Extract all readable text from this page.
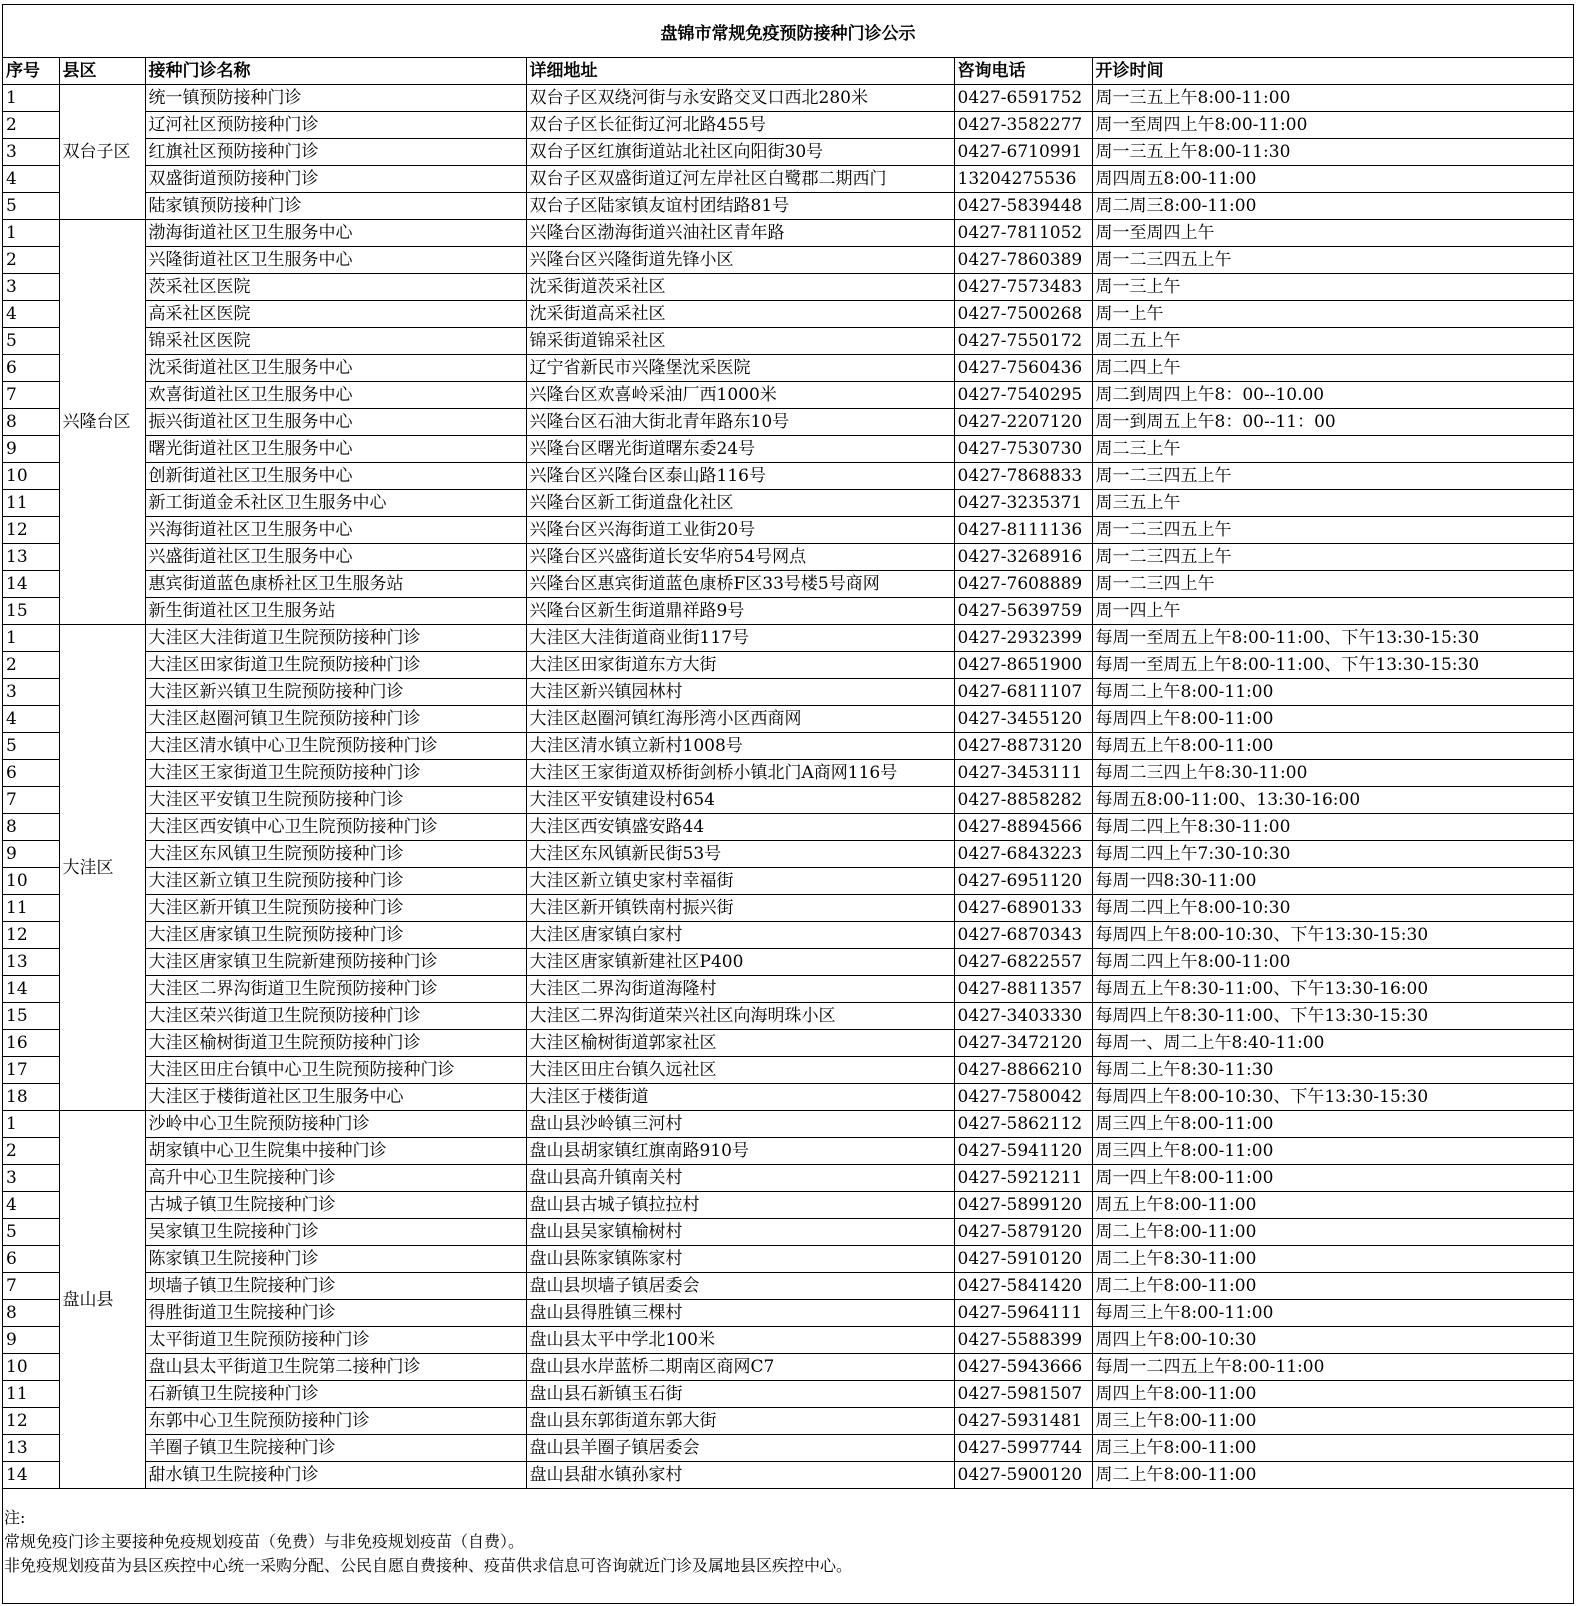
盘锦市常规免疫预防接种门诊公示
序号	县区	接种门诊名称	详细地址	咨询电话	开诊时间
1	双台子区	统一镇预防接种门诊	双台子区双绕河街与永安路交叉口西北280米	0427-6591752	周一三五上午8:00-11:00
2		辽河社区预防接种门诊	双台子区长征街辽河北路455号	0427-3582277	周一至周四上午8:00-11:00
3		红旗社区预防接种门诊	双台子区红旗街道站北社区向阳街30号	0427-6710991	周一三五上午8:00-11:30
4		双盛街道预防接种门诊	双台子区双盛街道辽河左岸社区白鹭郡二期西门	13204275536	周四周五8:00-11:00
5		陆家镇预防接种门诊	双台子区陆家镇友谊村团结路81号	0427-5839448	周二周三8:00-11:00
1	兴隆台区	渤海街道社区卫生服务中心	兴隆台区渤海街道兴油社区青年路	0427-7811052	周一至周四上午
2		兴隆街道社区卫生服务中心	兴隆台区兴隆街道先锋小区	0427-7860389	周一二三四五上午
3		茨采社区医院	沈采街道茨采社区	0427-7573483	周一三上午
4		高采社区医院	沈采街道高采社区	0427-7500268	周一上午
5		锦采社区医院	锦采街道锦采社区	0427-7550172	周二五上午
6		沈采街道社区卫生服务中心	辽宁省新民市兴隆堡沈采医院	0427-7560436	周二四上午
7		欢喜街道社区卫生服务中心	兴隆台区欢喜岭采油厂西1000米	0427-7540295	周二到周四上午8：00--10.00
8		振兴街道社区卫生服务中心	兴隆台区石油大街北青年路东10号	0427-2207120	周一到周五上午8：00--11：00
9		曙光街道社区卫生服务中心	兴隆台区曙光街道曙东委24号	0427-7530730	周二三上午
10		创新街道社区卫生服务中心	兴隆台区兴隆台区泰山路116号	0427-7868833	周一二三四五上午
11		新工街道金禾社区卫生服务中心	兴隆台区新工街道盘化社区	0427-3235371	周三五上午
12		兴海街道社区卫生服务中心	兴隆台区兴海街道工业街20号	0427-8111136	周一二三四五上午
13		兴盛街道社区卫生服务中心	兴隆台区兴盛街道长安华府54号网点	0427-3268916	周一二三四五上午
14		惠宾街道蓝色康桥社区卫生服务站	兴隆台区惠宾街道蓝色康桥F区33号楼5号商网	0427-7608889	周一二三四上午
15		新生街道社区卫生服务站	兴隆台区新生街道鼎祥路9号	0427-5639759	周一四上午
1	大洼区	大洼区大洼街道卫生院预防接种门诊	大洼区大洼街道商业街117号	0427-2932399	每周一至周五上午8:00-11:00、下午13:30-15:30
2		大洼区田家街道卫生院预防接种门诊	大洼区田家街道东方大街	0427-8651900	每周一至周五上午8:00-11:00、下午13:30-15:30
3		大洼区新兴镇卫生院预防接种门诊	大洼区新兴镇园林村	0427-6811107	每周二上午8:00-11:00
4		大洼区赵圈河镇卫生院预防接种门诊	大洼区赵圈河镇红海彤湾小区西商网	0427-3455120	每周四上午8:00-11:00
5		大洼区清水镇中心卫生院预防接种门诊	大洼区清水镇立新村1008号	0427-8873120	每周五上午8:00-11:00
6		大洼区王家街道卫生院预防接种门诊	大洼区王家街道双桥街剑桥小镇北门A商网116号	0427-3453111	每周二三四上午8:30-11:00
7		大洼区平安镇卫生院预防接种门诊	大洼区平安镇建设村654	0427-8858282	每周五8:00-11:00、13:30-16:00
8		大洼区西安镇中心卫生院预防接种门诊	大洼区西安镇盛安路44	0427-8894566	每周二四上午8:30-11:00
9		大洼区东风镇卫生院预防接种门诊	大洼区东风镇新民街53号	0427-6843223	每周二四上午7:30-10:30
10		大洼区新立镇卫生院预防接种门诊	大洼区新立镇史家村幸福街	0427-6951120	每周一四8:30-11:00
11		大洼区新开镇卫生院预防接种门诊	大洼区新开镇铁南村振兴街	0427-6890133	每周二四上午8:00-10:30
12		大洼区唐家镇卫生院预防接种门诊	大洼区唐家镇白家村	0427-6870343	每周四上午8:00-10:30、下午13:30-15:30
13		大洼区唐家镇卫生院新建预防接种门诊	大洼区唐家镇新建社区P400	0427-6822557	每周二四上午8:00-11:00
14		大洼区二界沟街道卫生院预防接种门诊	大洼区二界沟街道海隆村	0427-8811357	每周五上午8:30-11:00、下午13:30-16:00
15		大洼区荣兴街道卫生院预防接种门诊	大洼区二界沟街道荣兴社区向海明珠小区	0427-3403330	每周四上午8:30-11:00、下午13:30-15:30
16		大洼区榆树街道卫生院预防接种门诊	大洼区榆树街道郭家社区	0427-3472120	每周一、周二上午8:40-11:00
17		大洼区田庄台镇中心卫生院预防接种门诊	大洼区田庄台镇久远社区	0427-8866210	每周二上午8:30-11:30
18		大洼区于楼街道社区卫生服务中心	大洼区于楼街道	0427-7580042	每周四上午8:00-10:30、下午13:30-15:30
1	盘山县	沙岭中心卫生院预防接种门诊	盘山县沙岭镇三河村	0427-5862112	周三四上午8:00-11:00
2		胡家镇中心卫生院集中接种门诊	盘山县胡家镇红旗南路910号	0427-5941120	周三四上午8:00-11:00
3		高升中心卫生院接种门诊	盘山县高升镇南关村	0427-5921211	周一四上午8:00-11:00
4		古城子镇卫生院接种门诊	盘山县古城子镇拉拉村	0427-5899120	周五上午8:00-11:00
5		吴家镇卫生院接种门诊	盘山县吴家镇榆树村	0427-5879120	周二上午8:00-11:00
6		陈家镇卫生院接种门诊	盘山县陈家镇陈家村	0427-5910120	周二上午8:30-11:00
7		坝墙子镇卫生院接种门诊	盘山县坝墙子镇居委会	0427-5841420	周二上午8:00-11:00
8		得胜街道卫生院接种门诊	盘山县得胜镇三棵村	0427-5964111	每周三上午8:00-11:00
9		太平街道卫生院预防接种门诊	盘山县太平中学北100米	0427-5588399	周四上午8:00-10:30
10		盘山县太平街道卫生院第二接种门诊	盘山县水岸蓝桥二期南区商网C7	0427-5943666	每周一二四五上午8:00-11:00
11		石新镇卫生院接种门诊	盘山县石新镇玉石街	0427-5981507	周四上午8:00-11:00
12		东郭中心卫生院预防接种门诊	盘山县东郭街道东郭大街	0427-5931481	周三上午8:00-11:00
13		羊圈子镇卫生院接种门诊	盘山县羊圈子镇居委会	0427-5997744	周三上午8:00-11:00
14		甜水镇卫生院接种门诊	盘山县甜水镇孙家村	0427-5900120	周二上午8:00-11:00
注:
常规免疫门诊主要接种免疫规划疫苗（免费）与非免疫规划疫苗（自费）。
非免疫规划疫苗为县区疾控中心统一采购分配、公民自愿自费接种、疫苗供求信息可咨询就近门诊及属地县区疾控中心。
